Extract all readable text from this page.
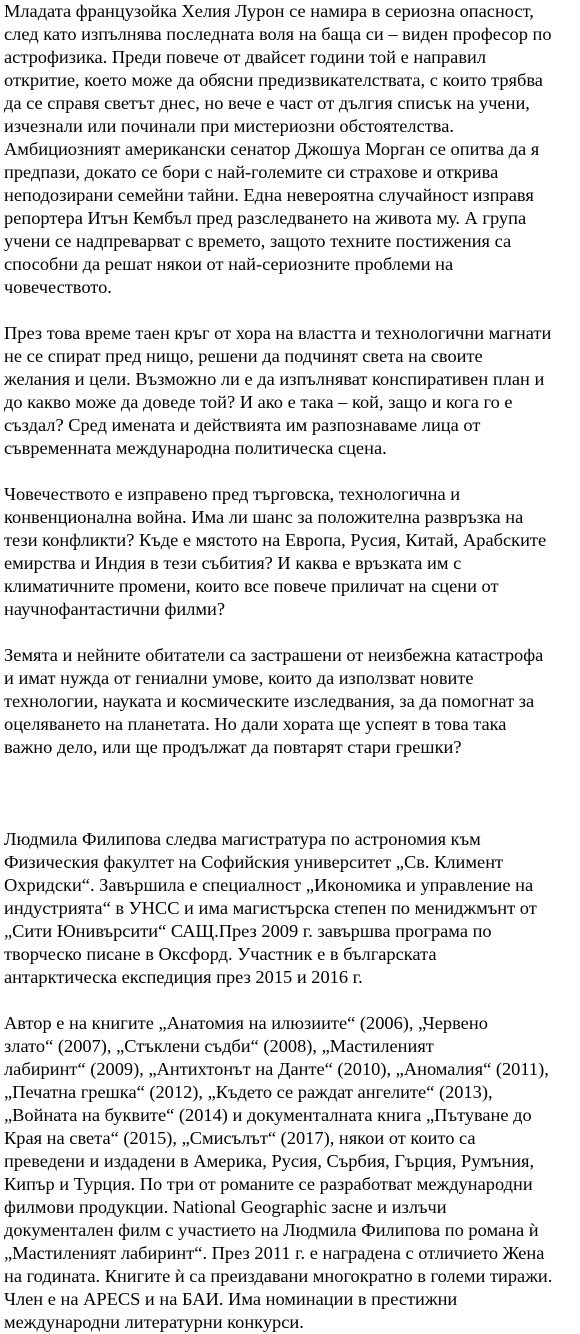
Младата французойка Хелия Лурон се намира в сериозна опасност,
след като изпълнява последната воля на баща си – виден професор по
астрофизика. Преди повече от двайсет години той е направил
откритие, което може да обясни предизвикателствата, с които трябва
да се справя светът днес, но вече е част от дългия списък на учени,
изчезнали или починали при мистериозни обстоятелства.
Амбициозният американски сенатор Джошуа Морган се опитва да я
предпази, докато се бори с най-големите си страхове и открива
неподозирани семейни тайни. Една невероятна случайност изправя
репортера Итън Кембъл пред разследването на живота му. А група
учени се надпреварват с времето, защото техните постижения са
способни да решат някои от най-сериозните проблеми на
човечеството.

През това време таен кръг от хора на властта и технологични магнати
не се спират пред нищо, решени да подчинят света на своите
желания и цели. Възможно ли е да изпълняват конспиративен план и
до какво може да доведе той? И ако е така – кой, защо и кога го е
създал? Сред имената и действията им разпознаваме лица от
съвременната международна политическа сцена.

Човечеството е изправено пред търговска, технологична и
конвенционална война. Има ли шанс за положителна развръзка на
тези конфликти? Къде е мястото на Европа, Русия, Китай, Арабските
емирства и Индия в тези събития? И каква е връзката им с
климатичните промени, които все повече приличат на сцени от
научнофантастични филми?

Земята и нейните обитатели са застрашени от неизбежна катастрофа
и имат нужда от гениални умове, които да използват новите
технологии, науката и космическите изследвания, за да помогнат за
оцеляването на планетата. Но дали хората ще успеят в това така
важно дело, или ще продължат да повтарят стари грешки?

Людмила Филипова следва магистратура по астрономия към
Физическия факултет на Софийския университет „Св. Климент
Охридски“. Завършила е специалност „Икономика и управление на
индустрията“ в УНСС и има магистърска степен по мениджмънт от
„Сити Юнивърсити“ САЩ.През 2009 г. завършва програма по
творческо писане в Оксфорд. Участник е в българската
антарктическа експедиция през 2015 и 2016 г.

Автор е на книгите „Анатомия на илюзиите“ (2006), „Червено
злато“ (2007), „Стъклени съдби“ (2008), „Мастиленият
лабиринт“ (2009), „Антихтонът на Данте“ (2010), „Аномалия“ (2011),
„Печатна грешка“ (2012), „Където се раждат ангелите“ (2013),
„Войната на буквите“ (2014) и документалната книга „Пътуване до
Края на света“ (2015), „Смисълът“ (2017), някои от които са
преведени и издадени в Америка, Русия, Сърбия, Гърция, Румъния,
Кипър и Турция. По три от романите се разработват международни
филмови продукции. National Geographic засне и излъчи
документален филм с участието на Людмила Филипова по романа ѝ
„Мастиленият лабиринт“. През 2011 г. е наградена с отличието Жена
на годината. Книгите ѝ са преиздавани многократно в големи тиражи.
Член е на APECS и на БАИ. Има номинации в престижни
международни литературни конкурси.
